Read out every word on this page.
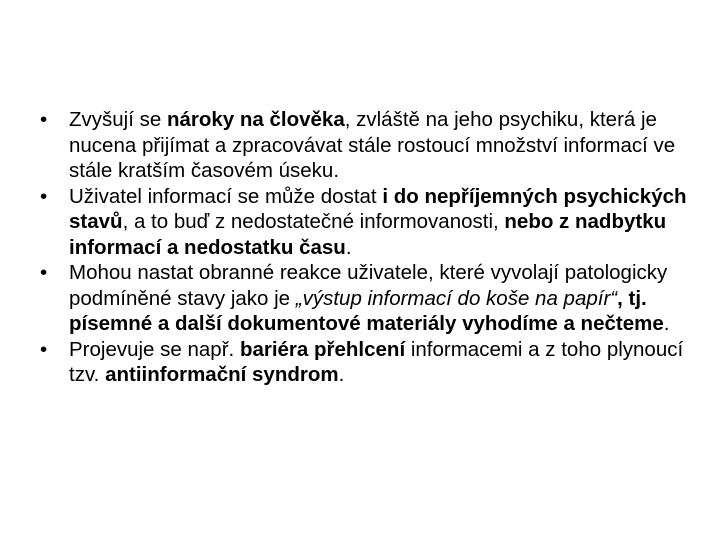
• Zvyšují se nároky na člověka, zvláště na jeho psychiku, která je nucena přijímat a zpracovávat stále rostoucí množství informací ve stále kratším časovém úseku.
• Uživatel informací se může dostat i do nepříjemných psychických stavů, a to buď z nedostatečné informovanosti, nebo z nadbytku informací a nedostatku času.
• Mohou nastat obranné reakce uživatele, které vyvolají patologicky podmíněné stavy jako je „výstup informací do koše na papír“, tj. písemné a další dokumentové materiály vyhodíme a nečteme.
• Projevuje se např. bariéra přehlcení informacemi a z toho plynoucí tzv. antiinformační syndrom.
